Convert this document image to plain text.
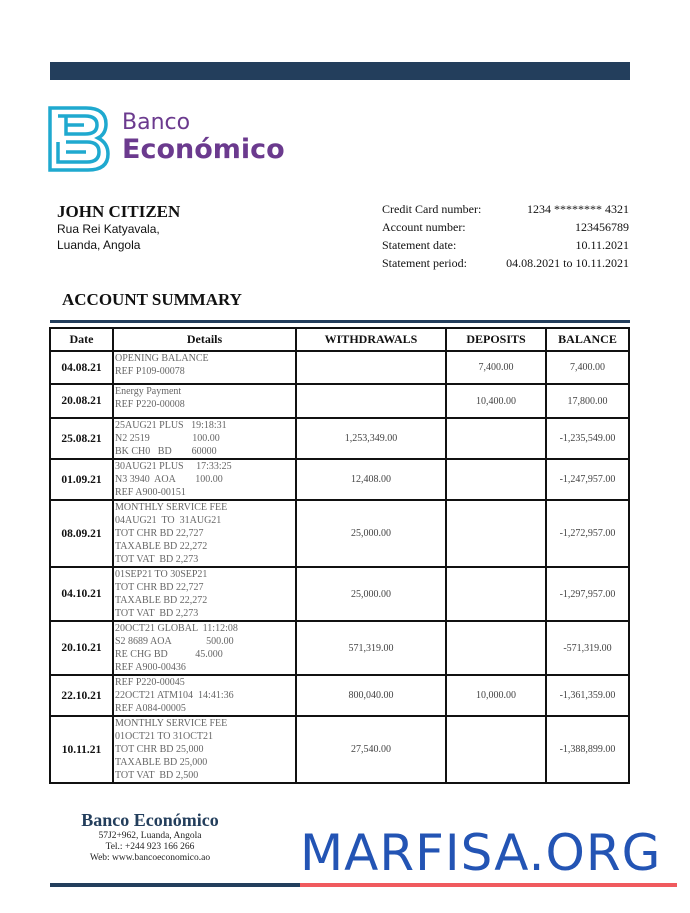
Banco
Económico
JOHN CITIZEN
Rua Rei Katyavala,
Luanda, Angola
Credit Card number:	1234 ******** 4321
Account number:	123456789
Statement date:	10.11.2021
Statement period:	04.08.2021 to 10.11.2021
ACCOUNT SUMMARY
Date	Details	WITHDRAWALS	DEPOSITS	BALANCE
04.08.21	OPENING BALANCE
REF P109-00078		7,400.00	7,400.00
20.08.21	Energy Payment
REF P220-00008		10,400.00	17,800.00
25.08.21	25AUG21 PLUS   19:18:31
N2 2519                 100.00
BK CH0   BD        60000	1,253,349.00		-1,235,549.00
01.09.21	30AUG21 PLUS     17:33:25
N3 3940  AOA        100.00
REF A900-00151	12,408.00		-1,247,957.00
08.09.21	MONTHLY SERVICE FEE
04AUG21  TO  31AUG21
TOT CHR BD 22,727
TAXABLE BD 22,272
TOT VAT  BD 2,273	25,000.00		-1,272,957.00
04.10.21	01SEP21 TO 30SEP21
TOT CHR BD 22,727
TAXABLE BD 22,272
TOT VAT  BD 2,273	25,000.00		-1,297,957.00
20.10.21	20OCT21 GLOBAL  11:12:08
S2 8689 AOA              500.00
RE CHG BD           45.000
REF A900-00436	571,319.00		-571,319.00
22.10.21	REF P220-00045
22OCT21 ATM104  14:41:36
REF A084-00005	800,040.00	10,000.00	-1,361,359.00
10.11.21	MONTHLY SERVICE FEE
01OCT21 TO 31OCT21
TOT CHR BD 25,000
TAXABLE BD 25,000
TOT VAT  BD 2,500	27,540.00		-1,388,899.00
Banco Económico
57J2+962, Luanda, Angola
Tel.: +244 923 166 266
Web: www.bancoeconomico.ao	MARFISA.ORG
